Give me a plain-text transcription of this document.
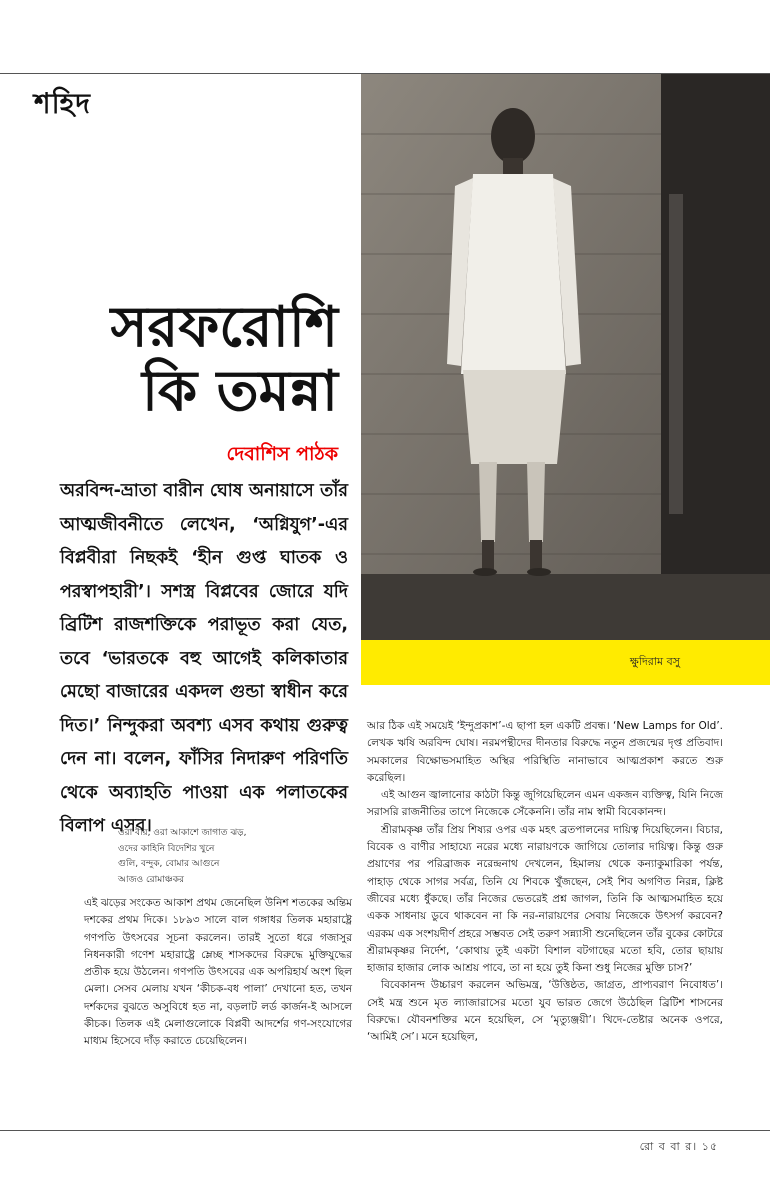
শহিদ
ক্ষুদিরাম বসু
সরফরোশি
কি তমন্না
দেবাশিস পাঠক

অরবিন্দ-ভ্রাতা বারীন ঘোষ অনায়াসে তাঁর আত্মজীবনীতে লেখেন, ‘অগ্নিযুগ’-এর বিপ্লবীরা নিছকই ‘হীন গুপ্ত ঘাতক ও পরস্বাপহারী’। সশস্ত্র বিপ্লবের জোরে যদি ব্রিটিশ রাজশক্তিকে পরাভূত করা যেত, তবে ‘ভারতকে বহু আগেই কলিকাতার মেছো বাজারের একদল গুন্ডা স্বাধীন করে দিত।’ নিন্দুকরা অবশ্য এসব কথায় গুরুত্ব দেন না। বলেন, ফাঁসির নিদারুণ পরিণতি থেকে অব্যাহতি পাওয়া এক পলাতকের বিলাপ এসব।

ওরা বীর, ওরা আকাশে জাগাত ঝড়,
ওদের কাহিনি বিদেশির খুনে
গুলি, বন্দুক, বোমার আগুনে
আজও রোমাঞ্চকর

এই ঝড়ের সংকেত আকাশ প্রথম জেনেছিল উনিশ শতকের অন্তিম দশকের প্রথম দিকে। ১৮৯৩ সালে বাল গঙ্গাধর তিলক মহারাষ্ট্রে গণপতি উৎসবের সূচনা করলেন। তারই সুতো ধরে গজাসুর নিধনকারী গণেশ মহারাষ্ট্রে ম্লেচ্ছ শাসকদের বিরুদ্ধে মুক্তিযুদ্ধের প্রতীক হয়ে উঠলেন। গণপতি উৎসবের এক অপরিহার্য অংশ ছিল মেলা। সেসব মেলায় যখন ‘কীচক-বধ পালা’ দেখানো হত, তখন দর্শকদের বুঝতে অসুবিধে হত না, বড়লাট লর্ড কার্জন-ই আসলে কীচক। তিলক এই মেলাগুলোকে বিপ্লবী আদর্শের গণ-সংযোগের মাধ্যম হিসেবে দাঁড় করাতে চেয়েছিলেন।

আর ঠিক এই সময়েই ‘ইন্দুপ্রকাশ’-এ ছাপা হল একটি প্রবন্ধ। ‘New Lamps for Old’. লেখক ঋষি অরবিন্দ ঘোষ। নরমপন্থীদের দীনতার বিরুদ্ধে নতুন প্রজন্মের দৃপ্ত প্রতিবাদ। সমকালের বিক্ষোভসমাহিত অস্থির পরিস্থিতি নানাভাবে আত্মপ্রকাশ করতে শুরু করেছিল।

এই আগুন জ্বালানোর কাঠটা কিন্তু জুগিয়েছিলেন এমন একজন ব্যক্তিত্ব, যিনি নিজে সরাসরি রাজনীতির তাপে নিজেকে সেঁকেননি। তাঁর নাম স্বামী বিবেকানন্দ।

শ্রীরামকৃষ্ণ তাঁর প্রিয় শিষ্যর ওপর এক মহৎ ব্রতপালনের দায়িত্ব দিয়েছিলেন। বিচার, বিবেক ও বাণীর সাহায্যে নরের মধ্যে নারায়ণকে জাগিয়ে তোলার দায়িত্ব। কিন্তু গুরু প্রয়াণের পর পরিব্রাজক নরেন্দ্রনাথ দেখলেন, হিমালয় থেকে কন্যাকুমারিকা পর্যন্ত, পাহাড় থেকে সাগর সর্বত্র, তিনি যে শিবকে খুঁজছেন, সেই শিব অগণিত নিরন্ন, ক্লিষ্ট জীবের মধ্যে ধুঁকছে। তাঁর নিজের ভেতরেই প্রশ্ন জাগল, তিনি কি আত্মসমাহিত হয়ে একক সাধনায় ডুবে থাকবেন না কি নর-নারায়ণের সেবায় নিজেকে উৎসর্গ করবেন? এরকম এক সংশয়দীর্ণ প্রহরে সম্ভবত সেই তরুণ সন্ন্যাসী শুনেছিলেন তাঁর বুকের কোটরে শ্রীরামকৃষ্ণর নির্দেশ, ‘কোথায় তুই একটা বিশাল বটগাছের মতো হবি, তোর ছায়ায় হাজার হাজার লোক আশ্রয় পাবে, তা না হয়ে তুই কিনা শুধু নিজের মুক্তি চাস?’

বিবেকানন্দ উচ্চারণ করলেন অভিমন্ত্র, ‘উত্তিষ্ঠত, জাগ্রত, প্রাপ্যবরাণ নিবোধত’। সেই মন্ত্র শুনে মৃত ল্যাজারাসের মতো যুব ভারত জেগে উঠেছিল ব্রিটিশ শাসনের বিরুদ্ধে। যৌবনশক্তির মনে হয়েছিল, সে ‘মৃত্যুঞ্জয়ী’। খিদে-তেষ্টার অনেক ওপরে, ‘আমিই সে’। মনে হয়েছিল,

রো ব বা র। ১৫
